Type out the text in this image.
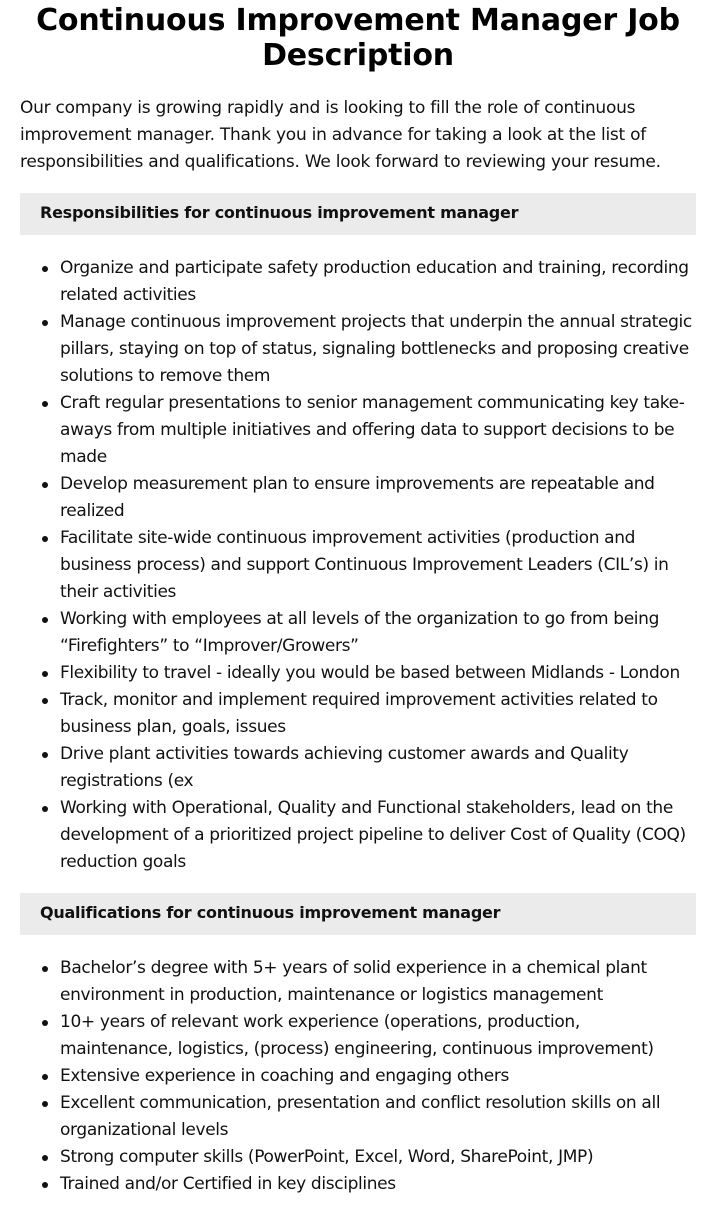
Continuous Improvement Manager Job Description

Our company is growing rapidly and is looking to fill the role of continuous improvement manager. Thank you in advance for taking a look at the list of responsibilities and qualifications. We look forward to reviewing your resume.

Responsibilities for continuous improvement manager
Organize and participate safety production education and training, recording related activities
Manage continuous improvement projects that underpin the annual strategic pillars, staying on top of status, signaling bottlenecks and proposing creative solutions to remove them
Craft regular presentations to senior management communicating key take-aways from multiple initiatives and offering data to support decisions to be made
Develop measurement plan to ensure improvements are repeatable and realized
Facilitate site-wide continuous improvement activities (production and business process) and support Continuous Improvement Leaders (CIL’s) in their activities
Working with employees at all levels of the organization to go from being “Firefighters” to “Improver/Growers”
Flexibility to travel - ideally you would be based between Midlands - London
Track, monitor and implement required improvement activities related to business plan, goals, issues
Drive plant activities towards achieving customer awards and Quality registrations (ex
Working with Operational, Quality and Functional stakeholders, lead on the development of a prioritized project pipeline to deliver Cost of Quality (COQ) reduction goals
Qualifications for continuous improvement manager
Bachelor’s degree with 5+ years of solid experience in a chemical plant environment in production, maintenance or logistics management
10+ years of relevant work experience (operations, production, maintenance, logistics, (process) engineering, continuous improvement)
Extensive experience in coaching and engaging others
Excellent communication, presentation and conflict resolution skills on all organizational levels
Strong computer skills (PowerPoint, Excel, Word, SharePoint, JMP)
Trained and/or Certified in key disciplines
